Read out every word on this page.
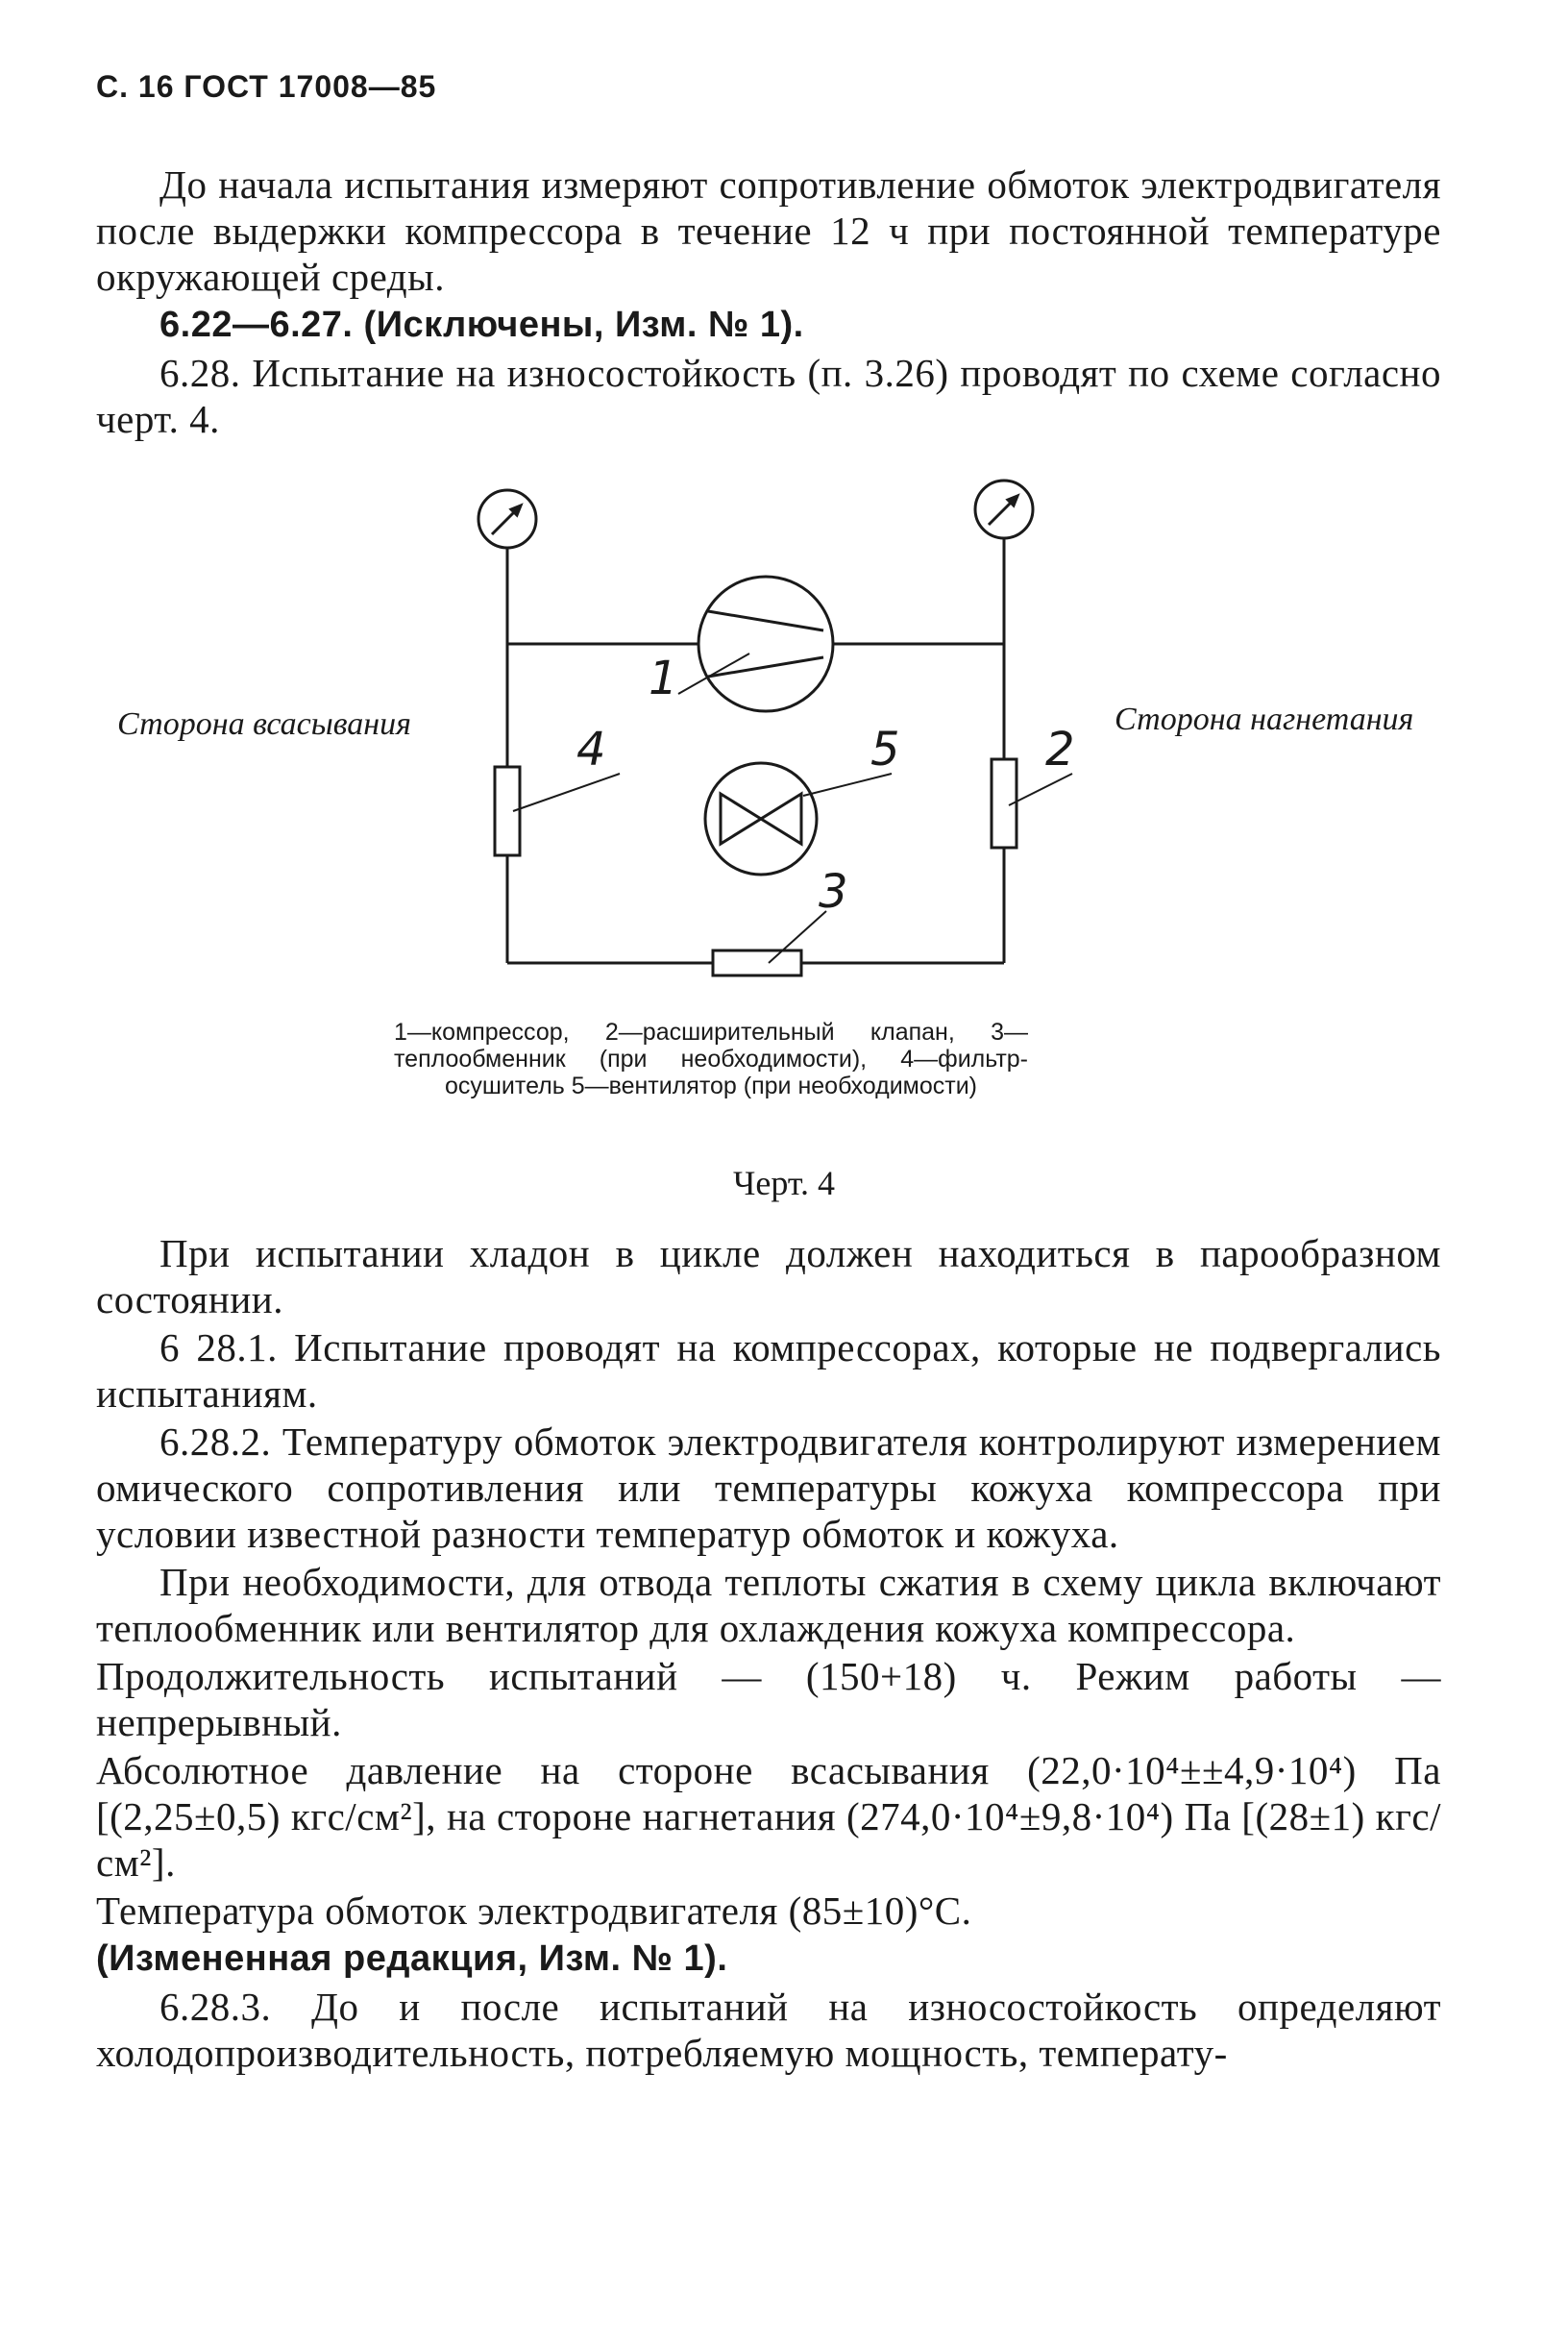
С. 16 ГОСТ 17008—85

До начала испытания измеряют сопротивление обмоток электродвигателя после выдержки компрессора в течение 12 ч при постоянной температуре окружающей среды.

6.22—6.27. (Исключены, Изм. № 1).

6.28. Испытание на износостойкость (п. 3.26) проводят по схеме согласно черт. 4.

1
2
3
4	5

Сторона всасывания	Сторона нагнетания

1—компрессор, 2—расширительный клапан, 3—теплообменник (при необходимости), 4—фильтр-осушитель 5—вентилятор (при необходимости)

Черт. 4

При испытании хладон в цикле должен находиться в парообразном состоянии.

6 28.1. Испытание проводят на компрессорах, которые не подвергались испытаниям.

6.28.2. Температуру обмоток электродвигателя контролируют измерением омического сопротивления или температуры кожуха компрессора при условии известной разности температур обмоток и кожуха.

При необходимости, для отвода теплоты сжатия в схему цикла включают теплообменник или вентилятор для охлаждения кожуха компрессора.

Продолжительность испытаний — (150+18) ч. Режим работы — непрерывный.

Абсолютное давление на стороне всасывания (22,0·10⁴±±4,9·10⁴) Па [(2,25±0,5) кгс/см²], на стороне нагнетания (274,0·10⁴±9,8·10⁴) Па [(28±1) кгс/см²].

Температура обмоток электродвигателя (85±10)°С.

(Измененная редакция, Изм. № 1).

6.28.3. До и после испытаний на износостойкость определяют холодопроизводительность, потребляемую мощность, температу-
